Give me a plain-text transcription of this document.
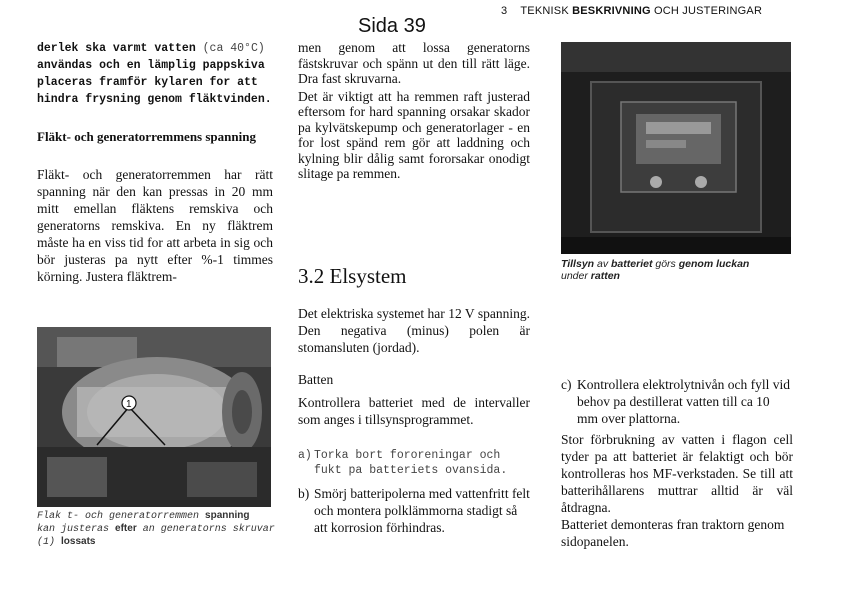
Sida 39
3 TEKNISK BESKRIVNING OCH JUSTERINGAR
derlek ska varmt vatten (ca 40°C) användas och en lämplig pappskiva placeras framför kylaren for att hindra frysning genom fläktvinden.
Fläkt- och generatorremmens spanning
Fläkt- och generatorremmen har rätt spanning när den kan pressas in 20 mm mitt emellan fläktens remskiva och generatorns remskiva. En ny fläktrem måste ha en viss tid for att arbeta in sig och bör justeras pa nytt efter %-1 timmes körning. Justera fläktrem-
1
Flak t- och generatorremmen spanning
kan justeras efter an generatorns skruvar
(1) lossats

men genom att lossa generatorns fästskruvar och spänn ut den till rätt läge. Dra fast skruvarna.

Det är viktigt att ha remmen raft justerad eftersom for hard spanning orsakar skador pa kylvätskepump och generatorlager - en for lost spänd rem gör att laddning och kylning blir dålig samt fororsakar onodigt slitage pa remmen.

3.2 Elsystem
Det elektriska systemet har 12 V spanning. Den negativa (minus) polen är stomansluten (jordad).
Batten
Kontrollera batteriet med de intervaller som anges i tillsynsprogrammet.
a) Torka bort fororeningar och fukt pa batteriets ovansida.
b) Smörj batteripolerna med vattenfritt felt och montera polklämmorna stadigt så att korrosion förhindras.
Tillsyn av batteriet görs genom luckan
under ratten
c) Kontrollera elektrolytnivån och fyll vid behov pa destillerat vatten till ca 10 mm over plattorna.
Stor förbrukning av vatten i flagon cell tyder pa att batteriet är felaktigt och bör kontrolleras hos MF-verkstaden. Se till att batterihållarens muttrar alltid är väl åtdragna.
Batteriet demonteras fran traktorn genom sidopanelen.
